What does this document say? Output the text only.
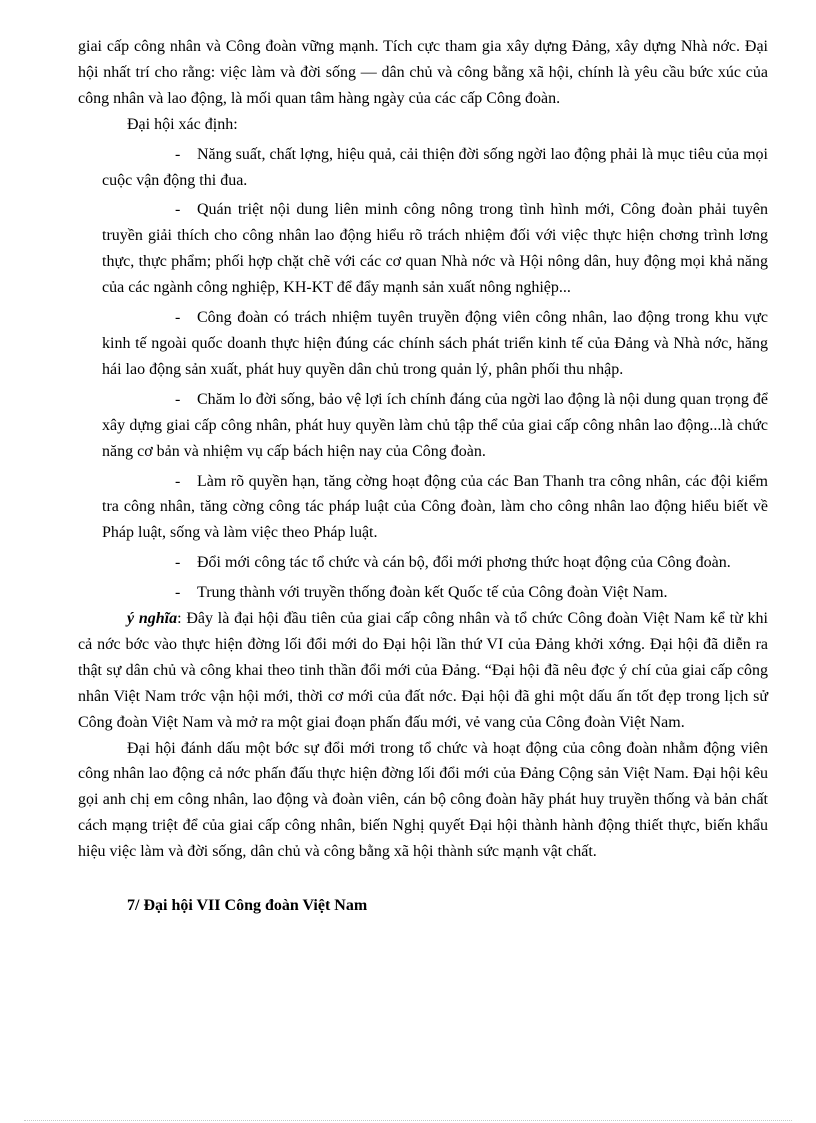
giai cấp công nhân và Công đoàn vững mạnh. Tích cực tham gia xây dựng Đảng, xây dựng Nhà nớc. Đại hội nhất trí cho rằng: việc làm và đời sống — dân chủ và công bằng xã hội, chính là yêu cầu bức xúc của công nhân và lao động, là mối quan tâm hàng ngày của các cấp Công đoàn.

Đại hội xác định:

- Năng suất, chất lợng, hiệu quả, cải thiện đời sống ngời lao động phải là mục tiêu của mọi cuộc vận động thi đua.

- Quán triệt nội dung liên minh công nông trong tình hình mới, Công đoàn phải tuyên truyền giải thích cho công nhân lao động hiểu rõ trách nhiệm đối với việc thực hiện chơng trình lơng thực, thực phẩm; phối hợp chặt chẽ với các cơ quan Nhà nớc và Hội nông dân, huy động mọi khả năng của các ngành công nghiệp, KH-KT để đẩy mạnh sản xuất nông nghiệp...

- Công đoàn có trách nhiệm tuyên truyền động viên công nhân, lao động trong khu vực kinh tế ngoài quốc doanh thực hiện đúng các chính sách phát triển kinh tế của Đảng và Nhà nớc, hăng hái lao động sản xuất, phát huy quyền dân chủ trong quản lý, phân phối thu nhập.

- Chăm lo đời sống, bảo vệ lợi ích chính đáng của ngời lao động là nội dung quan trọng để xây dựng giai cấp công nhân, phát huy quyền làm chủ tập thể của giai cấp công nhân lao động...là chức năng cơ bản và nhiệm vụ cấp bách hiện nay của Công đoàn.

- Làm rõ quyền hạn, tăng cờng hoạt động của các Ban Thanh tra công nhân, các đội kiểm tra công nhân, tăng cờng công tác pháp luật của Công đoàn, làm cho công nhân lao động hiểu biết về Pháp luật, sống và làm việc theo Pháp luật.

- Đổi mới công tác tổ chức và cán bộ, đổi mới phơng thức hoạt động của Công đoàn.

- Trung thành với truyền thống đoàn kết Quốc tế của Công đoàn Việt Nam.

ý nghĩa: Đây là đại hội đầu tiên của giai cấp công nhân và tổ chức Công đoàn Việt Nam kể từ khi cả nớc bớc vào thực hiện đờng lối đổi mới do Đại hội lần thứ VI của Đảng khởi xớng. Đại hội đã diễn ra thật sự dân chủ và công khai theo tinh thần đổi mới của Đảng. “Đại hội đã nêu đợc ý chí của giai cấp công nhân Việt Nam trớc vận hội mới, thời cơ mới của đất nớc. Đại hội đã ghi một dấu ấn tốt đẹp trong lịch sử Công đoàn Việt Nam và mở ra một giai đoạn phấn đấu mới, vẻ vang của Công đoàn Việt Nam.

Đại hội đánh dấu một bớc sự đổi mới trong tổ chức và hoạt động của công đoàn nhằm động viên công nhân lao động cả nớc phấn đấu thực hiện đờng lối đổi mới của Đảng Cộng sản Việt Nam. Đại hội kêu gọi anh chị em công nhân, lao động và đoàn viên, cán bộ công đoàn hãy phát huy truyền thống và bản chất cách mạng triệt để của giai cấp công nhân, biến Nghị quyết Đại hội thành hành động thiết thực, biến khẩu hiệu việc làm và đời sống, dân chủ và công bằng xã hội thành sức mạnh vật chất.

7/ Đại hội VII Công đoàn Việt Nam
